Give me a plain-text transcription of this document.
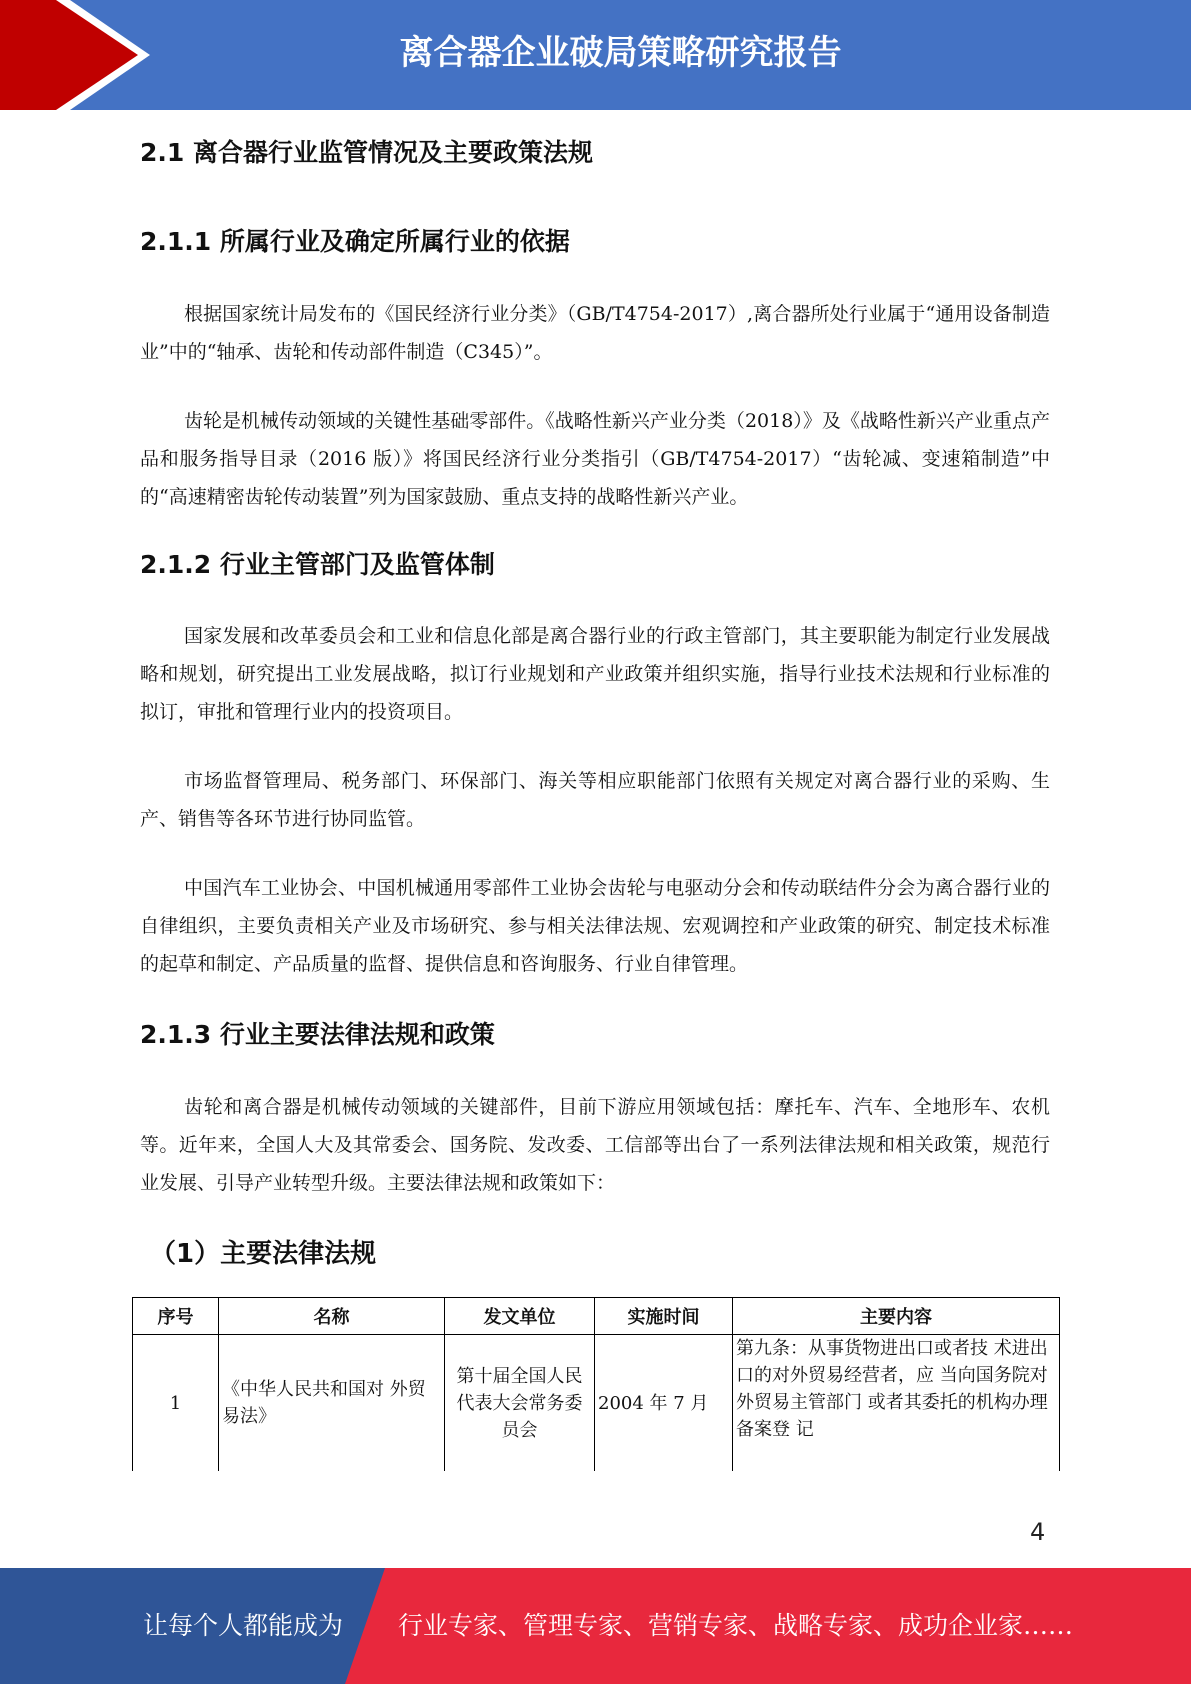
离合器企业破局策略研究报告
2.1 离合器行业监管情况及主要政策法规
2.1.1 所属行业及确定所属行业的依据

根据国家统计局发布的《国民经济行业分类》（GB/T4754-2017）,离合器所处行业属于“通用设备制造业”中的“轴承、齿轮和传动部件制造（C345）”。

齿轮是机械传动领域的关键性基础零部件。《战略性新兴产业分类（2018）》及《战略性新兴产业重点产品和服务指导目录（2016 版）》将国民经济行业分类指引（GB/T4754-2017）“齿轮减、变速箱制造”中的“高速精密齿轮传动装置”列为国家鼓励、重点支持的战略性新兴产业。

2.1.2 行业主管部门及监管体制

国家发展和改革委员会和工业和信息化部是离合器行业的行政主管部门，其主要职能为制定行业发展战略和规划，研究提出工业发展战略，拟订行业规划和产业政策并组织实施，指导行业技术法规和行业标准的拟订，审批和管理行业内的投资项目。

市场监督管理局、税务部门、环保部门、海关等相应职能部门依照有关规定对离合器行业的采购、生产、销售等各环节进行协同监管。

中国汽车工业协会、中国机械通用零部件工业协会齿轮与电驱动分会和传动联结件分会为离合器行业的自律组织，主要负责相关产业及市场研究、参与相关法律法规、宏观调控和产业政策的研究、制定技术标准的起草和制定、产品质量的监督、提供信息和咨询服务、行业自律管理。

2.1.3 行业主要法律法规和政策

齿轮和离合器是机械传动领域的关键部件，目前下游应用领域包括：摩托车、汽车、全地形车、农机等。近年来，全国人大及其常委会、国务院、发改委、工信部等出台了一系列法律法规和相关政策，规范行业发展、引导产业转型升级。主要法律法规和政策如下：

（1）主要法律法规
序号	名称	发文单位	实施时间	主要内容
1	《中华人民共和国对 外贸易法》	第十届全国人民代表大会常务委员会	2004 年 7 月	第九条：从事货物进出口或者技 术进出口的对外贸易经营者，应 当向国务院对外贸易主管部门 或者其委托的机构办理备案登 记
4
让每个人都能成为 行业专家、管理专家、营销专家、战略专家、成功企业家……
